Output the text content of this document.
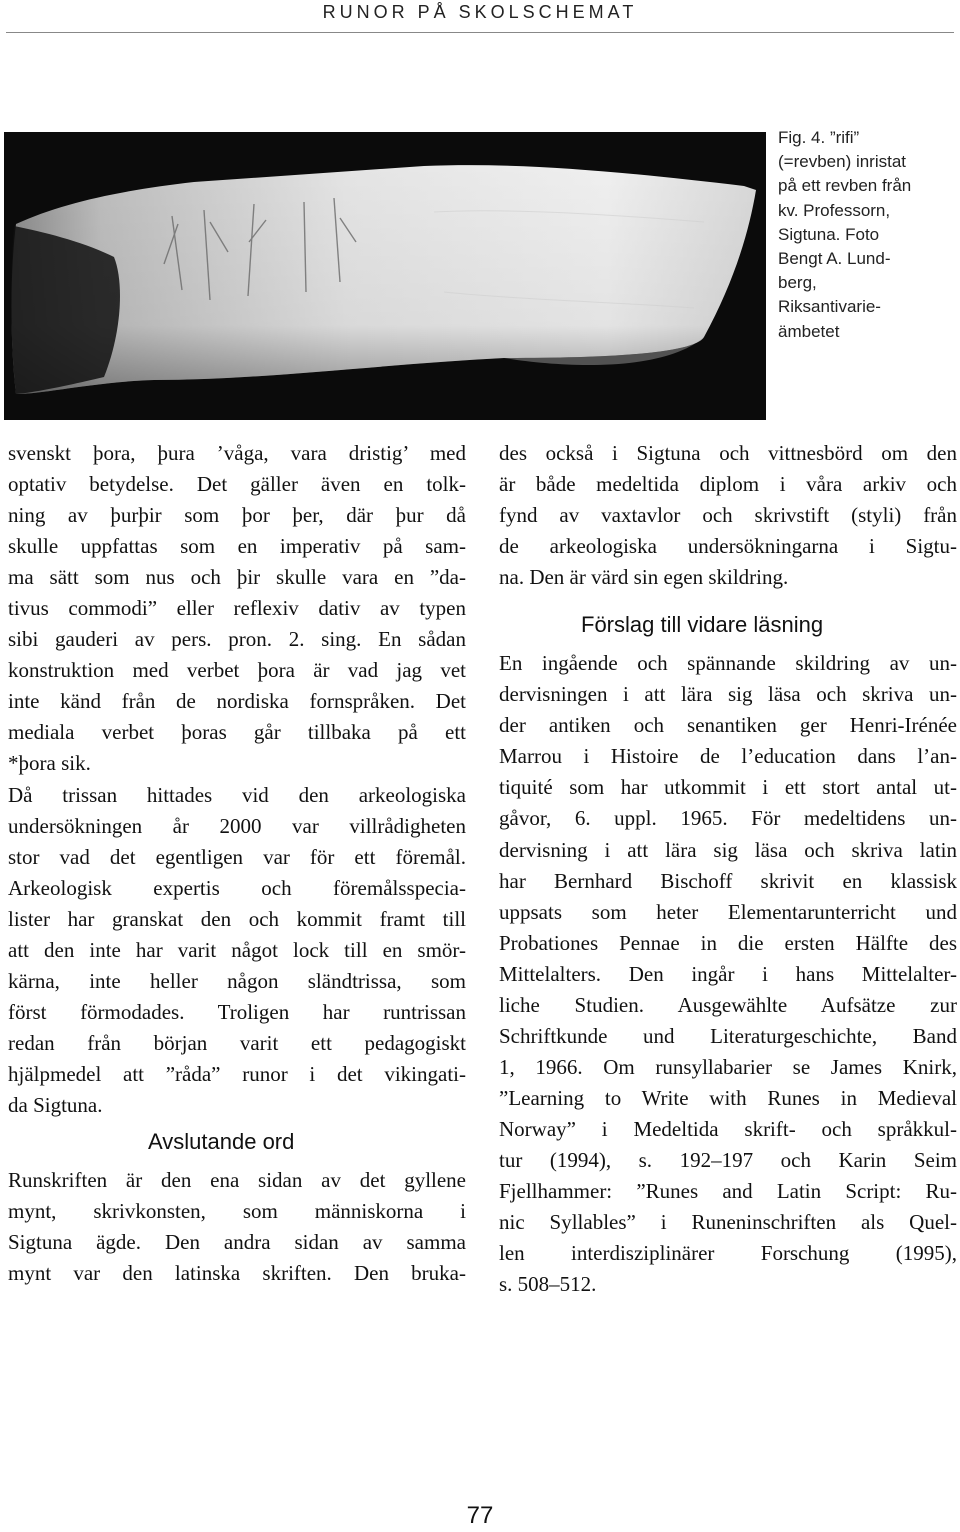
RUNOR PÅ SKOLSCHEMAT
Fig. 4. ”rifi”
(=revben) inristat
på ett revben från
kv. Professorn,
Sigtuna. Foto
Bengt A. Lund-
berg,
Riksantivarie-
ämbetet
svenskt þora, þura ’våga, vara dristig’ med
optativ betydelse. Det gäller även en tolk-
ning av þurþir som þor þer, där þur då
skulle uppfattas som en imperativ på sam-
ma sätt som nus och þir skulle vara en ”da-
tivus commodi” eller reflexiv dativ av typen
sibi gauderi av pers. pron. 2. sing. En sådan
konstruktion med verbet þora är vad jag vet
inte känd från de nordiska fornspråken. Det
mediala verbet þoras går tillbaka på ett
*þora sik.
Då trissan hittades vid den arkeologiska
undersökningen år 2000 var villrådigheten
stor vad det egentligen var för ett föremål.
Arkeologisk expertis och föremålsspecia-
lister har granskat den och kommit framt till
att den inte har varit något lock till en smör-
kärna, inte heller någon sländtrissa, som
först förmodades. Troligen har runtrissan
redan från början varit ett pedagogiskt
hjälpmedel att ”råda” runor i det vikingati-
da Sigtuna.
Avslutande ord
Runskriften är den ena sidan av det gyllene
mynt, skrivkonsten, som människorna i
Sigtuna ägde. Den andra sidan av samma
mynt var den latinska skriften. Den bruka-
des också i Sigtuna och vittnesbörd om den
är både medeltida diplom i våra arkiv och
fynd av vaxtavlor och skrivstift (styli) från
de arkeologiska undersökningarna i Sigtu-
na. Den är värd sin egen skildring.
Förslag till vidare läsning
En ingående och spännande skildring av un-
dervisningen i att lära sig läsa och skriva un-
der antiken och senantiken ger Henri-Irénée
Marrou i Histoire de l’education dans l’an-
tiquité som har utkommit i ett stort antal ut-
gåvor, 6. uppl. 1965. För medeltidens un-
dervisning i att lära sig läsa och skriva latin
har Bernhard Bischoff skrivit en klassisk
uppsats som heter Elementarunterricht und
Probationes Pennae in die ersten Hälfte des
Mittelalters. Den ingår i hans Mittelalter-
liche Studien. Ausgewählte Aufsätze zur
Schriftkunde und Literaturgeschichte, Band
1, 1966. Om runsyllabarier se James Knirk,
”Learning to Write with Runes in Medieval
Norway” i Medeltida skrift- och språkkul-
tur (1994), s. 192–197 och Karin Seim
Fjellhammer: ”Runes and Latin Script: Ru-
nic Syllables” i Runeninschriften als Quel-
len interdisziplinärer Forschung (1995),
s. 508–512.
77
